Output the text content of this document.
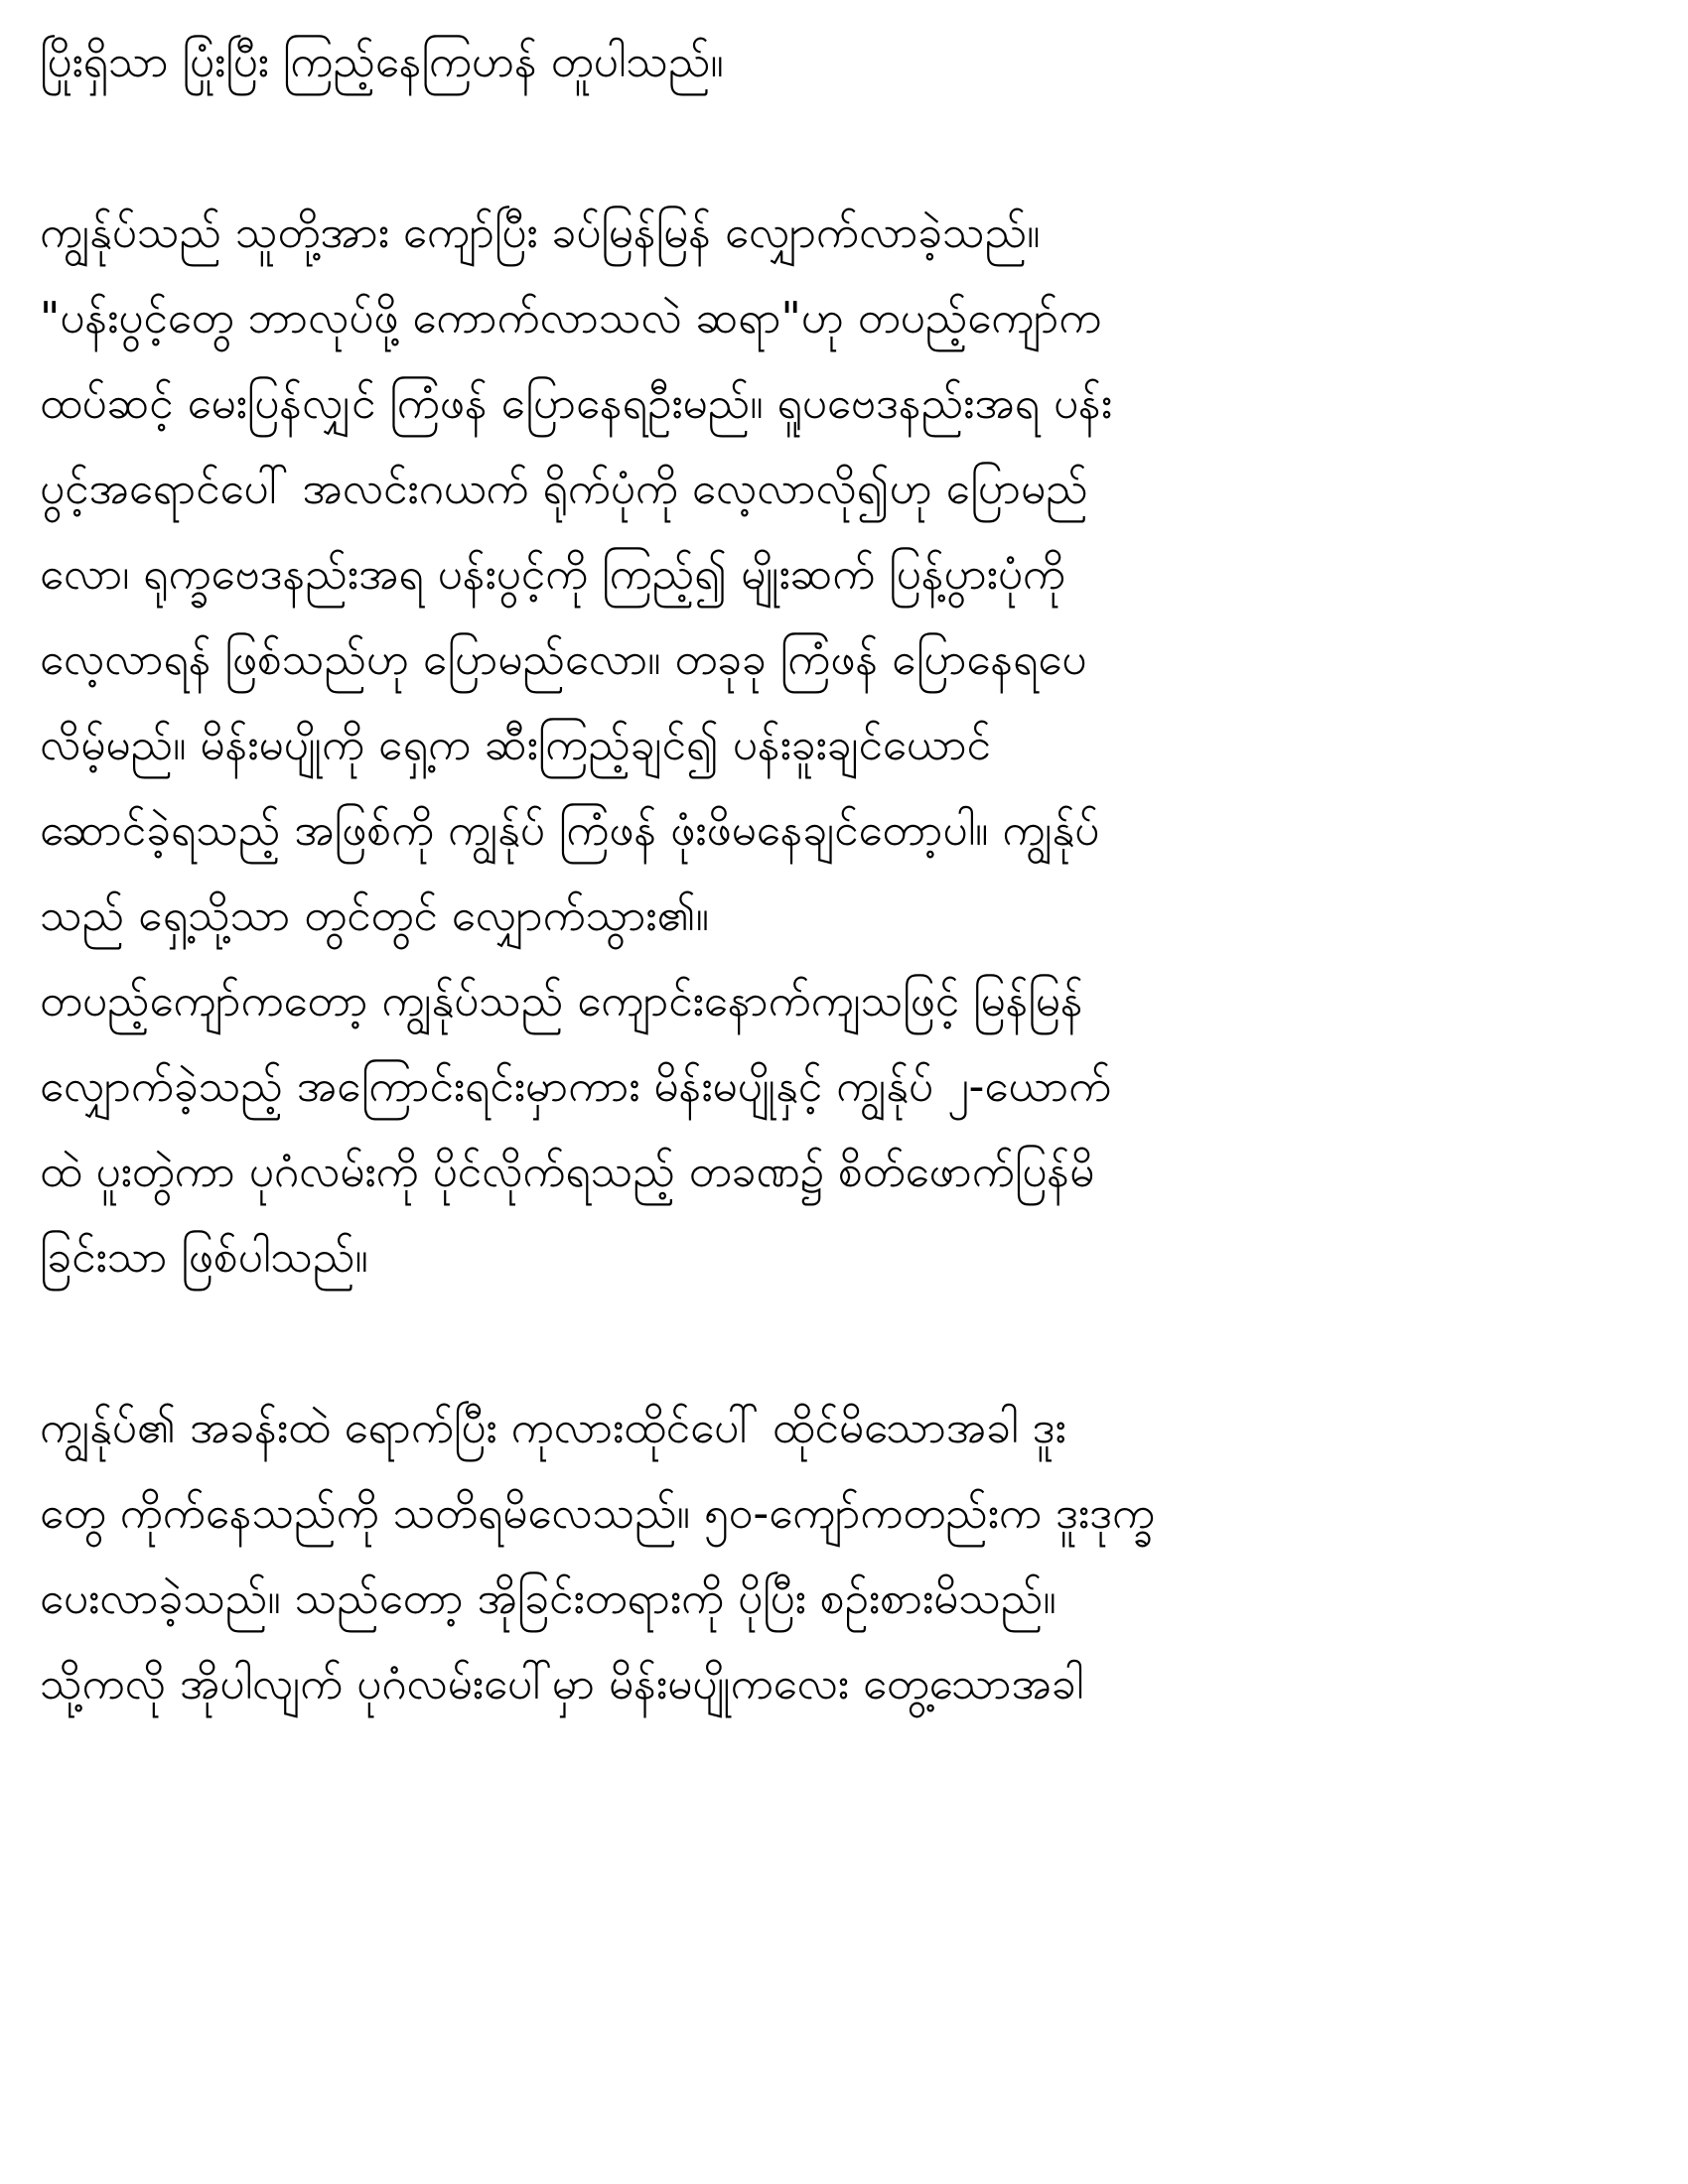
ပြိုးရှိသာ ပြုံးပြီး ကြည့်နေကြဟန် တူပါသည်။
ကျွန်ုပ်သည် သူတို့အား ကျော်ပြီး ခပ်မြန်မြန် လျှောက်လာခဲ့သည်။
"ပန်းပွင့်တွေ ဘာလုပ်ဖို့ ကောက်လာသလဲ ဆရာ"ဟု တပည့်ကျော်က
ထပ်ဆင့် မေးပြန်လျှင် ကြံဖန် ပြောနေရဦးမည်။ ရူပဗေဒနည်းအရ ပန်း
ပွင့်အရောင်ပေါ် အလင်းဂယက် ရိုက်ပုံကို လေ့လာလို၍ဟု ပြောမည်
လော၊ ရုက္ခဗေဒနည်းအရ ပန်းပွင့်ကို ကြည့်၍ မျိုးဆက် ပြန့်ပွားပုံကို
လေ့လာရန် ဖြစ်သည်ဟု ပြောမည်လော။ တခုခု ကြံဖန် ပြောနေရပေ
လိမ့်မည်။ မိန်းမပျိုကို ရှေ့က ဆီးကြည့်ချင်၍ ပန်းခူးချင်ယောင်
ဆောင်ခဲ့ရသည့် အဖြစ်ကို ကျွန်ုပ် ကြံဖန် ဖုံးဖိမနေချင်တော့ပါ။ ကျွန်ုပ်
သည် ရှေ့သို့သာ တွင်တွင် လျှောက်သွား၏။
တပည့်ကျော်ကတော့ ကျွန်ုပ်သည် ကျောင်းနောက်ကျသဖြင့် မြန်မြန်
လျှောက်ခဲ့သည့် အကြောင်းရင်းမှာကား မိန်းမပျိုနှင့် ကျွန်ုပ် ၂-ယောက်
ထဲ ပူးတွဲကာ ပုဂံလမ်းကို ပိုင်လိုက်ရသည့် တခဏ၌ စိတ်ဖောက်ပြန်မိ
ခြင်းသာ ဖြစ်ပါသည်။
ကျွန်ုပ်၏ အခန်းထဲ ရောက်ပြီး ကုလားထိုင်ပေါ် ထိုင်မိသောအခါ ဒူး
တွေ ကိုက်နေသည်ကို သတိရမိလေသည်။ ၅၀-ကျော်ကတည်းက ဒူးဒုက္ခ
ပေးလာခဲ့သည်။ သည်တော့ အိုခြင်းတရားကို ပိုပြီး စဉ်းစားမိသည်။
သို့ကလို အိုပါလျက် ပုဂံလမ်းပေါ်မှာ မိန်းမပျိုကလေး တွေ့သောအခါ
